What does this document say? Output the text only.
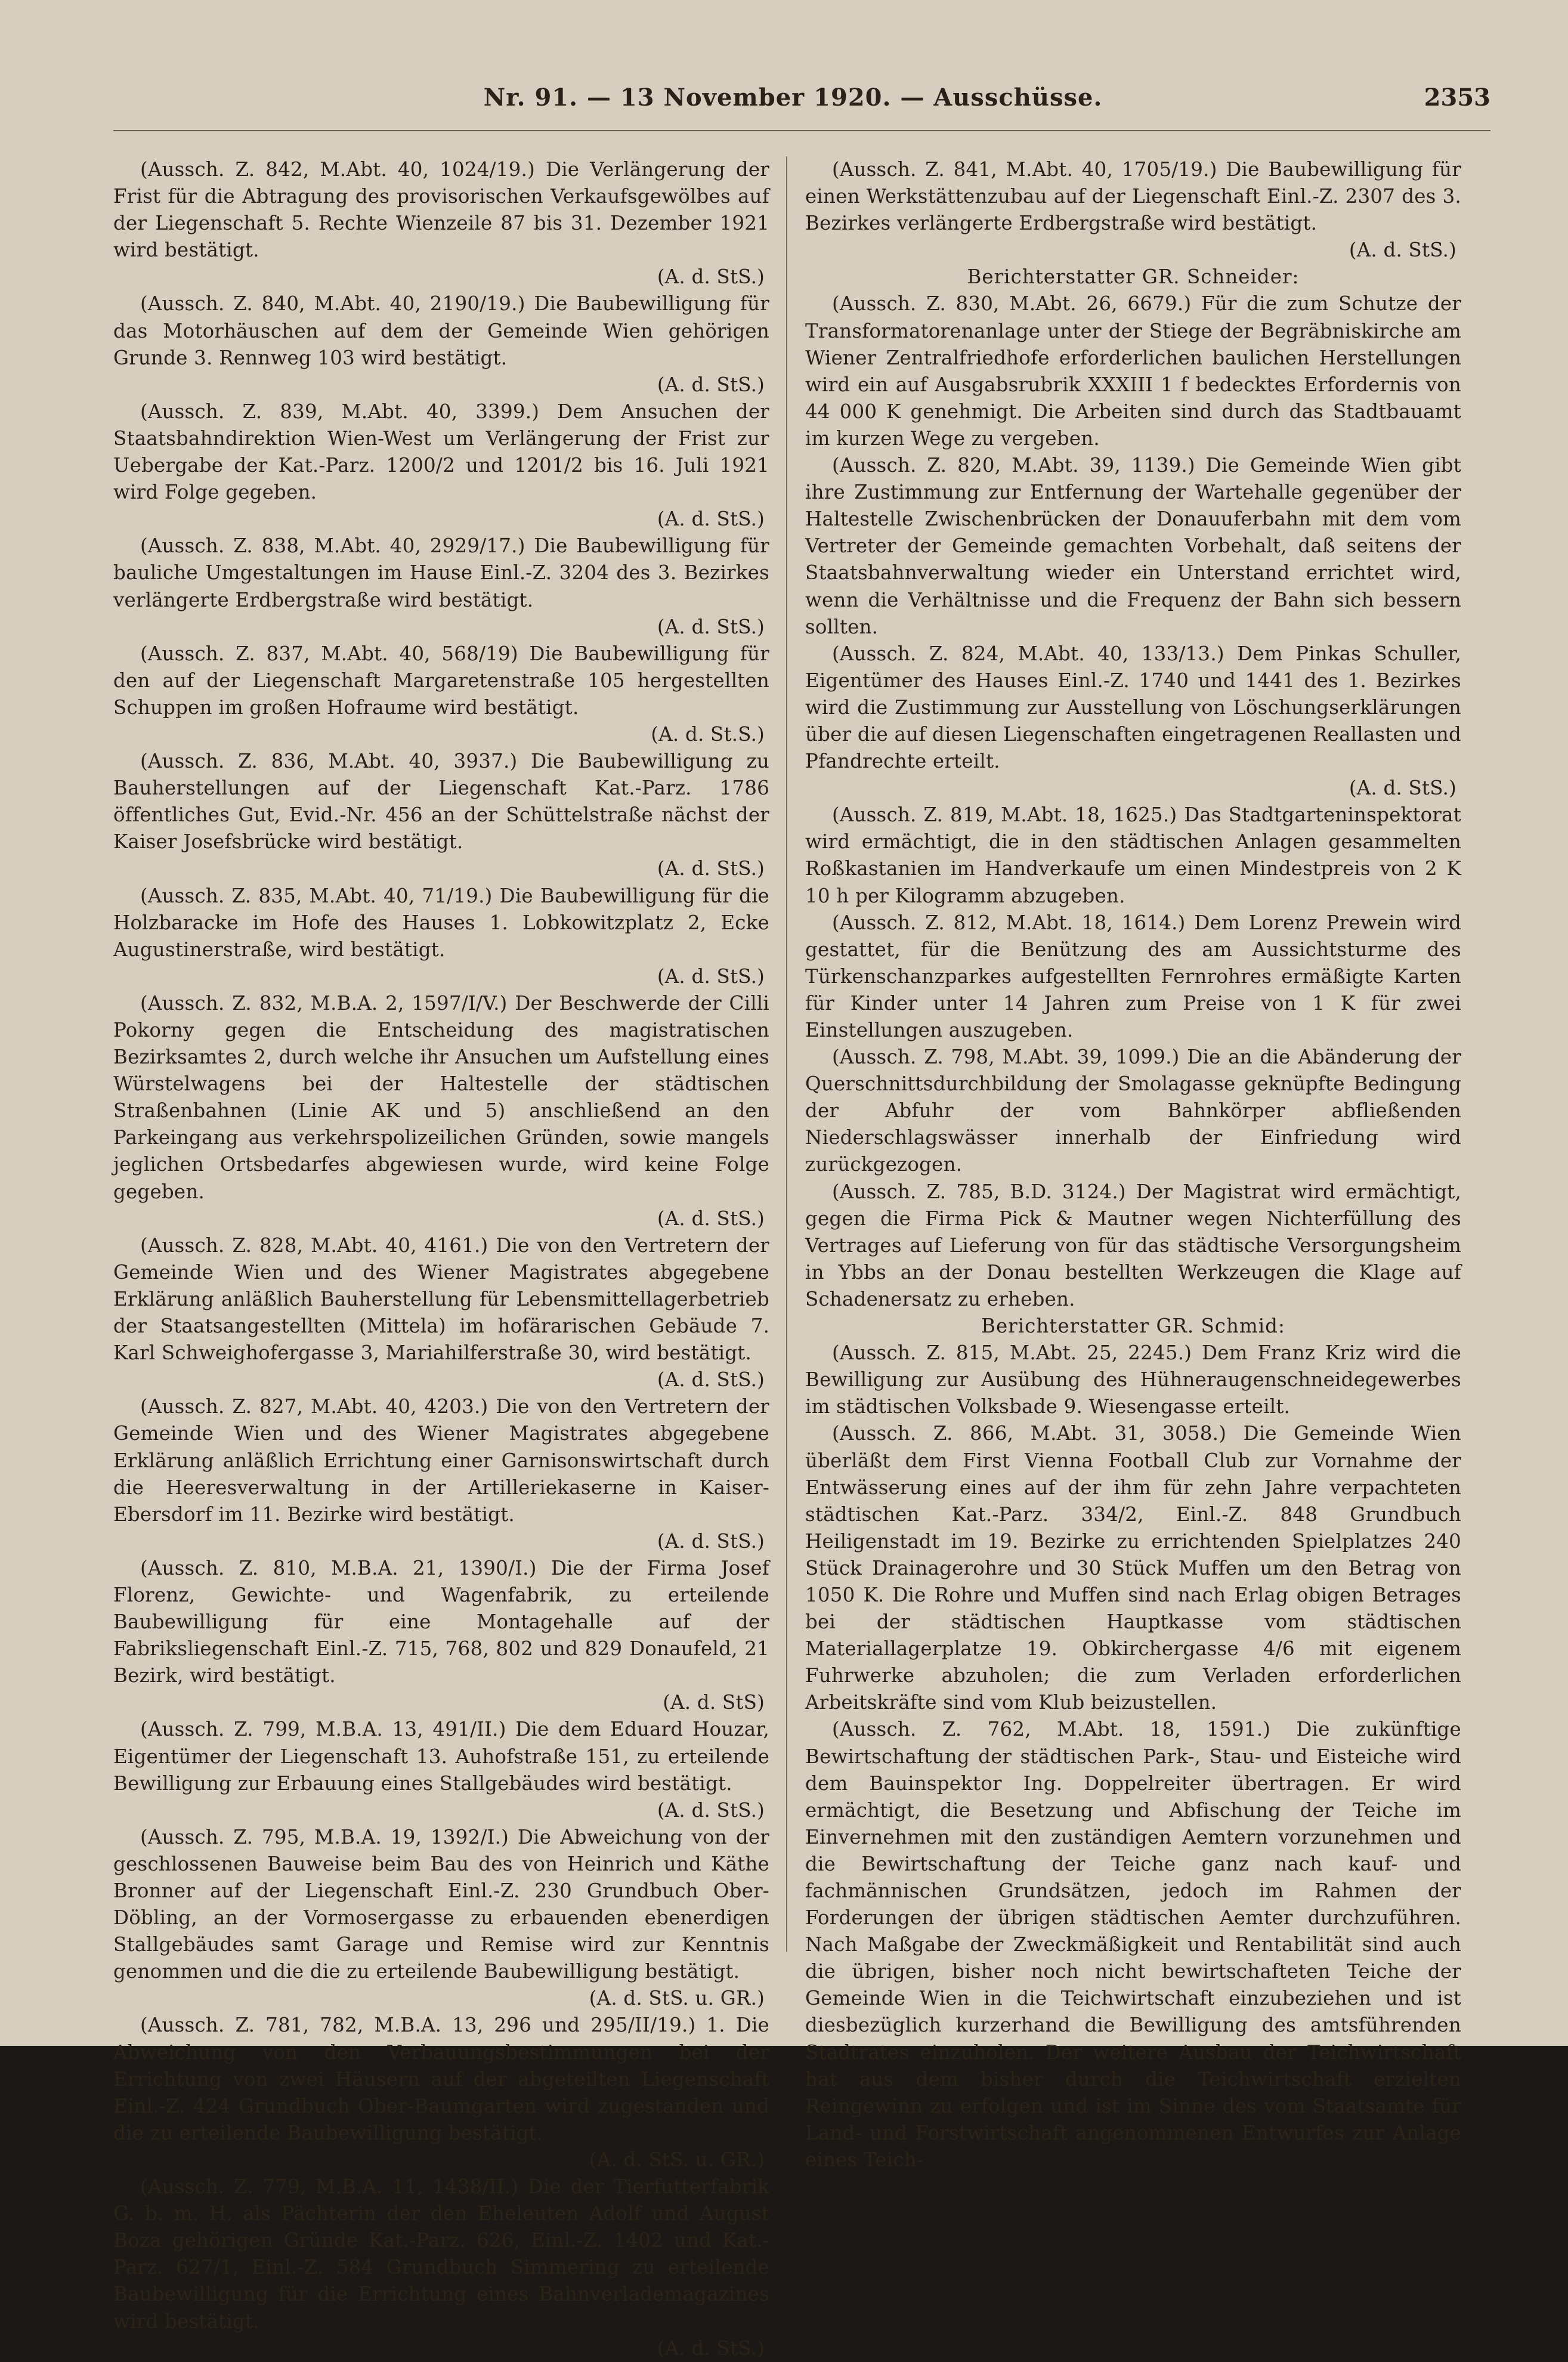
Nr. 91. — 13 November 1920. — Ausschüsse.	2353

(Aussch. Z. 842, M.Abt. 40, 1024/19.) Die Verlängerung der Frist für die Abtragung des provisorischen Verkaufsgewölbes auf der Liegenschaft 5. Rechte Wienzeile 87 bis 31. Dezember 1921 wird bestätigt.
(A. d. StS.)

(Aussch. Z. 840, M.Abt. 40, 2190/19.) Die Baubewilligung für das Motorhäuschen auf dem der Gemeinde Wien gehörigen Grunde 3. Rennweg 103 wird bestätigt.
(A. d. StS.)

(Aussch. Z. 839, M.Abt. 40, 3399.) Dem Ansuchen der Staatsbahndirektion Wien-West um Verlängerung der Frist zur Uebergabe der Kat.-Parz. 1200/2 und 1201/2 bis 16. Juli 1921 wird Folge gegeben.
(A. d. StS.)

(Aussch. Z. 838, M.Abt. 40, 2929/17.) Die Baubewilligung für bauliche Umgestaltungen im Hause Einl.-Z. 3204 des 3. Bezirkes verlängerte Erdbergstraße wird bestätigt.
(A. d. StS.)

(Aussch. Z. 837, M.Abt. 40, 568/19) Die Baubewilligung für den auf der Liegenschaft Margaretenstraße 105 hergestellten Schuppen im großen Hofraume wird bestätigt.
(A. d. St.S.)

(Aussch. Z. 836, M.Abt. 40, 3937.) Die Baubewilligung zu Bauherstellungen auf der Liegenschaft Kat.-Parz. 1786 öffentliches Gut, Evid.-Nr. 456 an der Schüttelstraße nächst der Kaiser Josefsbrücke wird bestätigt.
(A. d. StS.)

(Aussch. Z. 835, M.Abt. 40, 71/19.) Die Baubewilligung für die Holzbaracke im Hofe des Hauses 1. Lobkowitzplatz 2, Ecke Augustinerstraße, wird bestätigt.
(A. d. StS.)

(Aussch. Z. 832, M.B.A. 2, 1597/I/V.) Der Beschwerde der Cilli Pokorny gegen die Entscheidung des magistratischen Bezirksamtes 2, durch welche ihr Ansuchen um Aufstellung eines Würstelwagens bei der Haltestelle der städtischen Straßenbahnen (Linie AK und 5) anschließend an den Parkeingang aus verkehrspolizeilichen Gründen, sowie mangels jeglichen Ortsbedarfes abgewiesen wurde, wird keine Folge gegeben.
(A. d. StS.)

(Aussch. Z. 828, M.Abt. 40, 4161.) Die von den Vertretern der Gemeinde Wien und des Wiener Magistrates abgegebene Erklärung anläßlich Bauherstellung für Lebensmittellagerbetrieb der Staatsangestellten (Mittela) im hofärarischen Gebäude 7. Karl Schweighofergasse 3, Mariahilferstraße 30, wird bestätigt.
(A. d. StS.)

(Aussch. Z. 827, M.Abt. 40, 4203.) Die von den Vertretern der Gemeinde Wien und des Wiener Magistrates abgegebene Erklärung anläßlich Errichtung einer Garnisonswirtschaft durch die Heeresverwaltung in der Artilleriekaserne in Kaiser-Ebersdorf im 11. Bezirke wird bestätigt.
(A. d. StS.)

(Aussch. Z. 810, M.B.A. 21, 1390/I.) Die der Firma Josef Florenz, Gewichte- und Wagenfabrik, zu erteilende Baubewilligung für eine Montagehalle auf der Fabriksliegenschaft Einl.-Z. 715, 768, 802 und 829 Donaufeld, 21 Bezirk, wird bestätigt.
(A. d. StS)

(Aussch. Z. 799, M.B.A. 13, 491/II.) Die dem Eduard Houzar, Eigentümer der Liegenschaft 13. Auhofstraße 151, zu erteilende Bewilligung zur Erbauung eines Stallgebäudes wird bestätigt.
(A. d. StS.)

(Aussch. Z. 795, M.B.A. 19, 1392/I.) Die Abweichung von der geschlossenen Bauweise beim Bau des von Heinrich und Käthe Bronner auf der Liegenschaft Einl.-Z. 230 Grundbuch Ober-Döbling, an der Vormosergasse zu erbauenden ebenerdigen Stallgebäudes samt Garage und Remise wird zur Kenntnis genommen und die die zu erteilende Baubewilligung bestätigt.
(A. d. StS. u. GR.)

(Aussch. Z. 781, 782, M.B.A. 13, 296 und 295/II/19.) 1. Die Abweichung von den Verbauungsbestimmungen bei der Errichtung von zwei Häusern auf der abgeteilten Liegenschaft Einl.-Z. 424 Grundbuch Ober-Baumgarten wird zugestanden und die zu erteilende Baubewilligung bestätigt.
(A. d. StS. u. GR.)

(Aussch. Z. 779, M.B.A. 11, 1438/II.) Die der Tierfutterfabrik G. b. m. H. als Pächterin der den Eheleuten Adolf und August Boza gehörigen Gründe Kat.-Parz. 626, Einl.-Z. 1402 und Kat.-Parz. 627/1, Einl.-Z. 584 Grundbuch Simmering zu erteilende Baubewilligung für die Errichtung eines Bahnverlademagazines wird bestätigt.
(A. d. StS.)

(Aussch. Z. 841, M.Abt. 40, 1705/19.) Die Baubewilligung für einen Werkstättenzubau auf der Liegenschaft Einl.-Z. 2307 des 3. Bezirkes verlängerte Erdbergstraße wird bestätigt.
(A. d. StS.)

Berichterstatter GR. Schneider:

(Aussch. Z. 830, M.Abt. 26, 6679.) Für die zum Schutze der Transformatorenanlage unter der Stiege der Begräbniskirche am Wiener Zentralfriedhofe erforderlichen baulichen Herstellungen wird ein auf Ausgabsrubrik XXXIII 1 f bedecktes Erfordernis von 44 000 K genehmigt. Die Arbeiten sind durch das Stadtbauamt im kurzen Wege zu vergeben.

(Aussch. Z. 820, M.Abt. 39, 1139.) Die Gemeinde Wien gibt ihre Zustimmung zur Entfernung der Wartehalle gegenüber der Haltestelle Zwischenbrücken der Donauuferbahn mit dem vom Vertreter der Gemeinde gemachten Vorbehalt, daß seitens der Staatsbahnverwaltung wieder ein Unterstand errichtet wird, wenn die Verhältnisse und die Frequenz der Bahn sich bessern sollten.

(Aussch. Z. 824, M.Abt. 40, 133/13.) Dem Pinkas Schuller, Eigentümer des Hauses Einl.-Z. 1740 und 1441 des 1. Bezirkes wird die Zustimmung zur Ausstellung von Löschungserklärungen über die auf diesen Liegenschaften eingetragenen Reallasten und Pfandrechte erteilt.
(A. d. StS.)

(Aussch. Z. 819, M.Abt. 18, 1625.) Das Stadtgarteninspektorat wird ermächtigt, die in den städtischen Anlagen gesammelten Roßkastanien im Handverkaufe um einen Mindestpreis von 2 K 10 h per Kilogramm abzugeben.

(Aussch. Z. 812, M.Abt. 18, 1614.) Dem Lorenz Prewein wird gestattet, für die Benützung des am Aussichtsturme des Türkenschanzparkes aufgestellten Fernrohres ermäßigte Karten für Kinder unter 14 Jahren zum Preise von 1 K für zwei Einstellungen auszugeben.

(Aussch. Z. 798, M.Abt. 39, 1099.) Die an die Abänderung der Querschnittsdurchbildung der Smolagasse geknüpfte Bedingung der Abfuhr der vom Bahnkörper abfließenden Niederschlagswässer innerhalb der Einfriedung wird zurückgezogen.

(Aussch. Z. 785, B.D. 3124.) Der Magistrat wird ermächtigt, gegen die Firma Pick & Mautner wegen Nichterfüllung des Vertrages auf Lieferung von für das städtische Versorgungsheim in Ybbs an der Donau bestellten Werkzeugen die Klage auf Schadenersatz zu erheben.

Berichterstatter GR. Schmid:

(Aussch. Z. 815, M.Abt. 25, 2245.) Dem Franz Kriz wird die Bewilligung zur Ausübung des Hühneraugenschneidegewerbes im städtischen Volksbade 9. Wiesengasse erteilt.

(Aussch. Z. 866, M.Abt. 31, 3058.) Die Gemeinde Wien überläßt dem First Vienna Football Club zur Vornahme der Entwässerung eines auf der ihm für zehn Jahre verpachteten städtischen Kat.-Parz. 334/2, Einl.-Z. 848 Grundbuch Heiligenstadt im 19. Bezirke zu errichtenden Spielplatzes 240 Stück Drainagerohre und 30 Stück Muffen um den Betrag von 1050 K. Die Rohre und Muffen sind nach Erlag obigen Betrages bei der städtischen Hauptkasse vom städtischen Materiallagerplatze 19. Obkirchergasse 4/6 mit eigenem Fuhrwerke abzuholen; die zum Verladen erforderlichen Arbeitskräfte sind vom Klub beizustellen.

(Aussch. Z. 762, M.Abt. 18, 1591.) Die zukünftige Bewirtschaftung der städtischen Park-, Stau- und Eisteiche wird dem Bauinspektor Ing. Doppelreiter übertragen. Er wird ermächtigt, die Besetzung und Abfischung der Teiche im Einvernehmen mit den zuständigen Aemtern vorzunehmen und die Bewirtschaftung der Teiche ganz nach kauf- und fachmännischen Grundsätzen, jedoch im Rahmen der Forderungen der übrigen städtischen Aemter durchzuführen. Nach Maßgabe der Zweckmäßigkeit und Rentabilität sind auch die übrigen, bisher noch nicht bewirtschafteten Teiche der Gemeinde Wien in die Teichwirtschaft einzubeziehen und ist diesbezüglich kurzerhand die Bewilligung des amtsführenden Stadtrates einzuholen. Der weitere Ausbau der Teichwirtschaft hat aus dem bisher durch die Teichwirtschaft erzielten Reingewinn zu erfolgen und ist im Sinne des vom Staatsamte für Land- und Forstwirtschaft angenommenen Entwurfes zur Anlage eines Teich-
